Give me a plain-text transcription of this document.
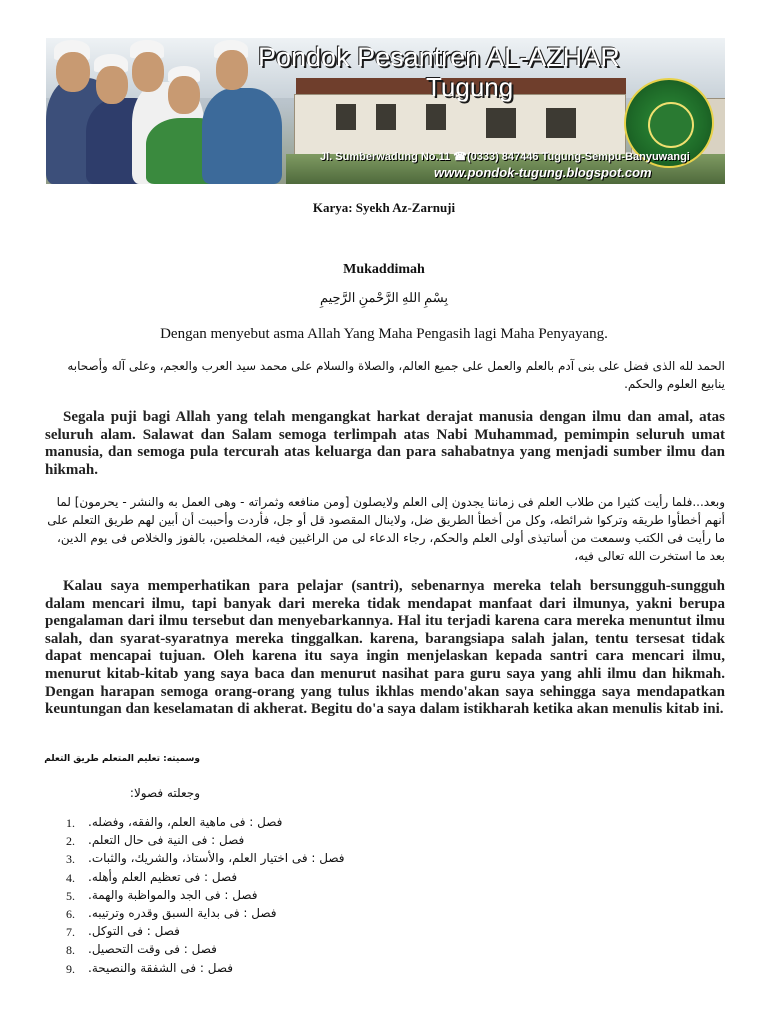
Pondok Pesantren AL-AZHAR
Tugung
Jl. Sumberwadung No.11 ☎(0333) 847446 Tugung-Sempu-Banyuwangi
www.pondok-tugung.blogspot.com
Karya: Syekh Az-Zarnuji
Mukaddimah
بِسْمِ اللهِ الرَّحْمنِ الرَّحِيمِ
Dengan menyebut asma Allah Yang Maha Pengasih lagi Maha Penyayang.
الحمد لله الذى فضل على بنى آدم بالعلم والعمل على جميع العالم، والصلاة والسلام على محمد سيد العرب والعجم، وعلى آله وأصحابه ينابيع العلوم والحكم.
Segala puji bagi Allah yang telah mengangkat harkat derajat manusia dengan ilmu dan amal, atas seluruh alam. Salawat dan Salam semoga terlimpah atas Nabi Muhammad, pemimpin seluruh umat manusia, dan semoga pula tercurah atas keluarga dan para sahabatnya yang menjadi sumber ilmu dan hikmah.
وبعد...فلما رأيت كثيرا من طلاب العلم فى زماننا يجدون إلى العلم ولايصلون [ومن منافعه وثمراته - وهى العمل به والنشر - يحرمون] لما أنهم أخطأوا طريقه وتركوا شرائطه، وكل من أخطأ الطريق ضل، ولاينال المقصود قل أو جل، فأردت وأحببت أن أبين لهم طريق التعلم على ما رأيت فى الكتب وسمعت من أساتيذى أولى العلم والحكم، رجاء الدعاء لى من الراغبين فيه، المخلصين، بالفوز والخلاص فى يوم الدين، بعد ما استخرت الله تعالى فيه،
Kalau saya memperhatikan para pelajar (santri), sebenarnya mereka telah bersungguh-sungguh dalam mencari ilmu, tapi banyak dari mereka tidak mendapat manfaat dari ilmunya, yakni berupa pengalaman dari ilmu tersebut dan menyebarkannya. Hal itu terjadi karena cara mereka menuntut ilmu salah, dan syarat-syaratnya mereka tinggalkan. karena, barangsiapa salah jalan, tentu tersesat tidak dapat mencapai tujuan. Oleh karena itu saya ingin menjelaskan kepada santri cara mencari ilmu, menurut kitab-kitab yang saya baca dan menurut nasihat para guru saya yang ahli ilmu dan hikmah. Dengan harapan semoga orang-orang yang tulus ikhlas mendo'akan saya sehingga saya mendapatkan keuntungan dan keselamatan di akherat. Begitu do'a saya dalam istikharah ketika akan menulis kitab ini.
وسميته: تعليم المتعلم طريق التعلم
وجعلته فصولا:
1. فصل : فى ماهية العلم، والفقه، وفضله.
2. فصل : فى النية فى حال التعلم.
3. فصل : فى اختيار العلم، والأستاذ، والشريك، والثبات.
4. فصل : فى تعظيم العلم وأهله.
5. فصل : فى الجد والمواظبة والهمة.
6. فصل : فى بداية السبق وقدره وترتيبه.
7. فصل : فى التوكل.
8. فصل : فى وقت التحصيل.
9. فصل : فى الشفقة والنصيحة.
